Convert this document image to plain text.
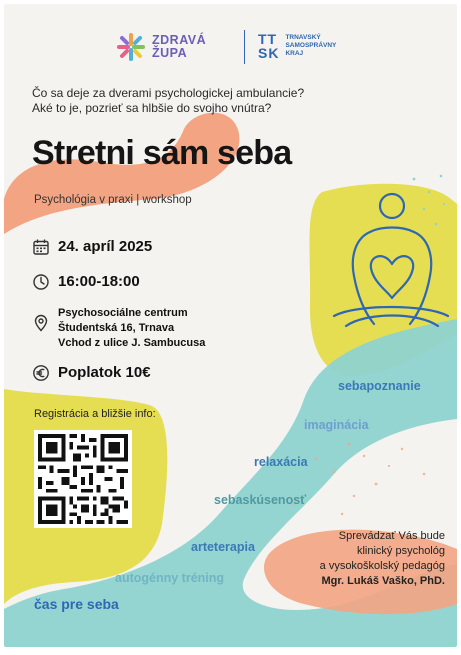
ZDRAVÁ
ŽUPA
TT
SK
TRNAVSKÝ
SAMOSPRÁVNY
KRAJ
Čo sa deje za dverami psychologickej ambulancie?
Aké to je, pozrieť sa hlbšie do svojho vnútra?
Stretni sám seba
Psychológia v praxi | workshop
24. apríl 2025
16:00-18:00
Psychosociálne centrum
Študentská 16, Trnava
Vchod z ulice J. Sambucusa
Poplatok 10€
Registrácia a bližšie info:
sebapoznanie
imaginácia
relaxácia
sebaskúsenosť
arteterapia
autogénny tréning
čas pre seba
Sprevádzať Vás bude
klinický psychológ
a vysokoškolský pedagóg
Mgr. Lukáš Vaško, PhD.
